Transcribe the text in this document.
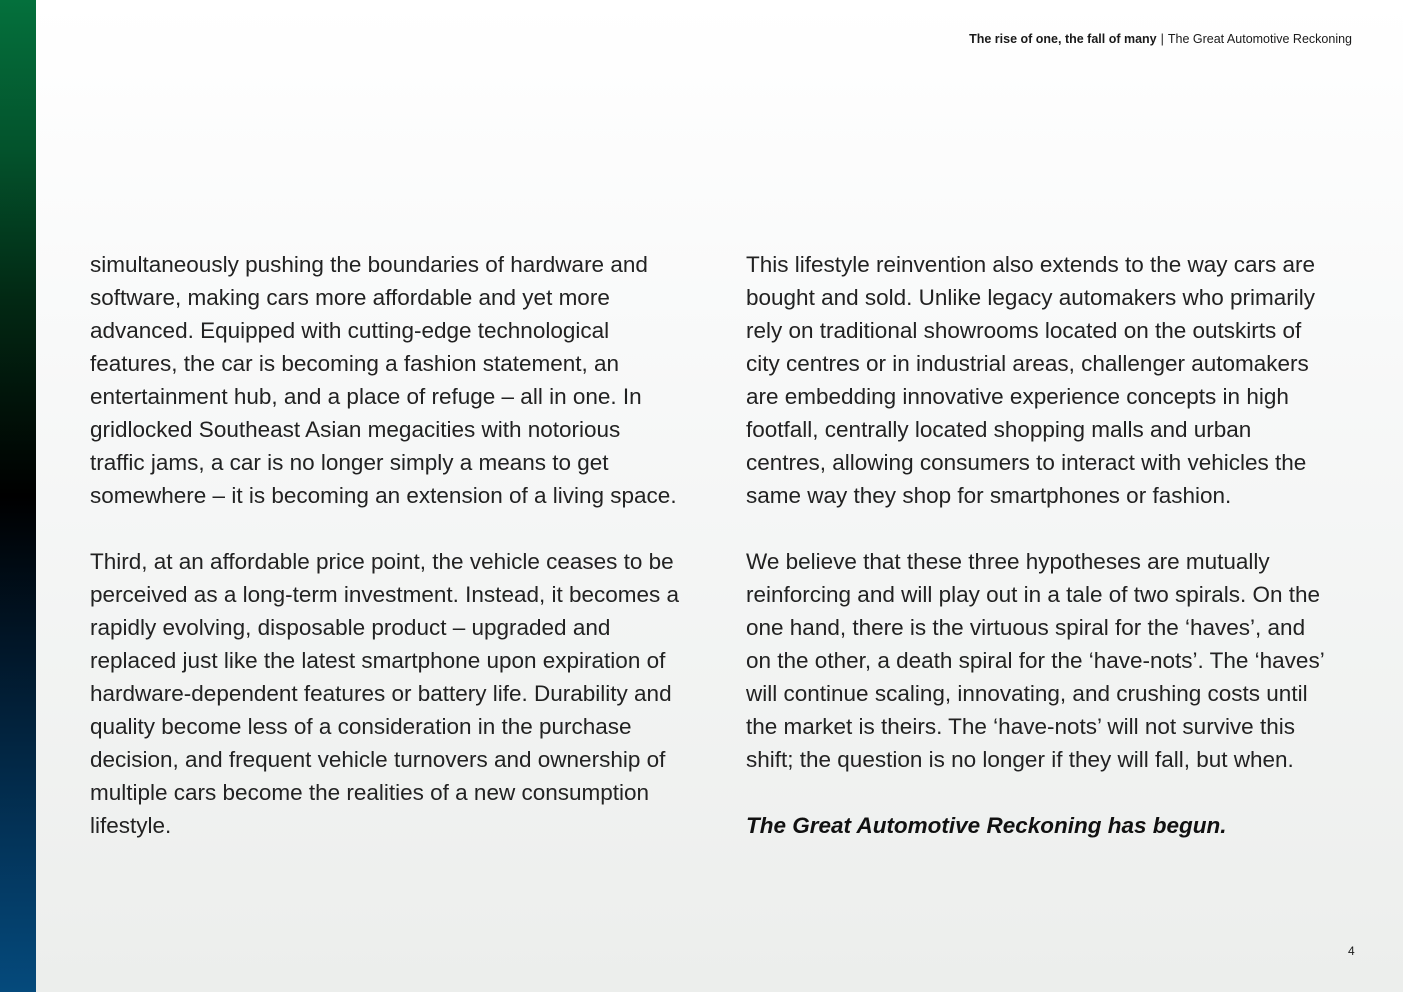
The rise of one, the fall of many | The Great Automotive Reckoning

simultaneously pushing the boundaries of hardware and software, making cars more affordable and yet more advanced. Equipped with cutting-edge technological features, the car is becoming a fashion statement, an entertainment hub, and a place of refuge – all in one. In gridlocked Southeast Asian megacities with notorious traffic jams, a car is no longer simply a means to get somewhere – it is becoming an extension of a living space.

Third, at an affordable price point, the vehicle ceases to be perceived as a long-term investment. Instead, it becomes a rapidly evolving, disposable product – upgraded and replaced just like the latest smartphone upon expiration of hardware-dependent features or battery life. Durability and quality become less of a consideration in the purchase decision, and frequent vehicle turnovers and ownership of multiple cars become the realities of a new consumption lifestyle.

This lifestyle reinvention also extends to the way cars are bought and sold. Unlike legacy automakers who primarily rely on traditional showrooms located on the outskirts of city centres or in industrial areas, challenger automakers are embedding innovative experience concepts in high footfall, centrally located shopping malls and urban centres, allowing consumers to interact with vehicles the same way they shop for smartphones or fashion.

We believe that these three hypotheses are mutually reinforcing and will play out in a tale of two spirals. On the one hand, there is the virtuous spiral for the ‘haves’, and on the other, a death spiral for the ‘have-nots’. The ‘haves’ will continue scaling, innovating, and crushing costs until the market is theirs. The ‘have-nots’ will not survive this shift; the question is no longer if they will fall, but when.

The Great Automotive Reckoning has begun.

4
